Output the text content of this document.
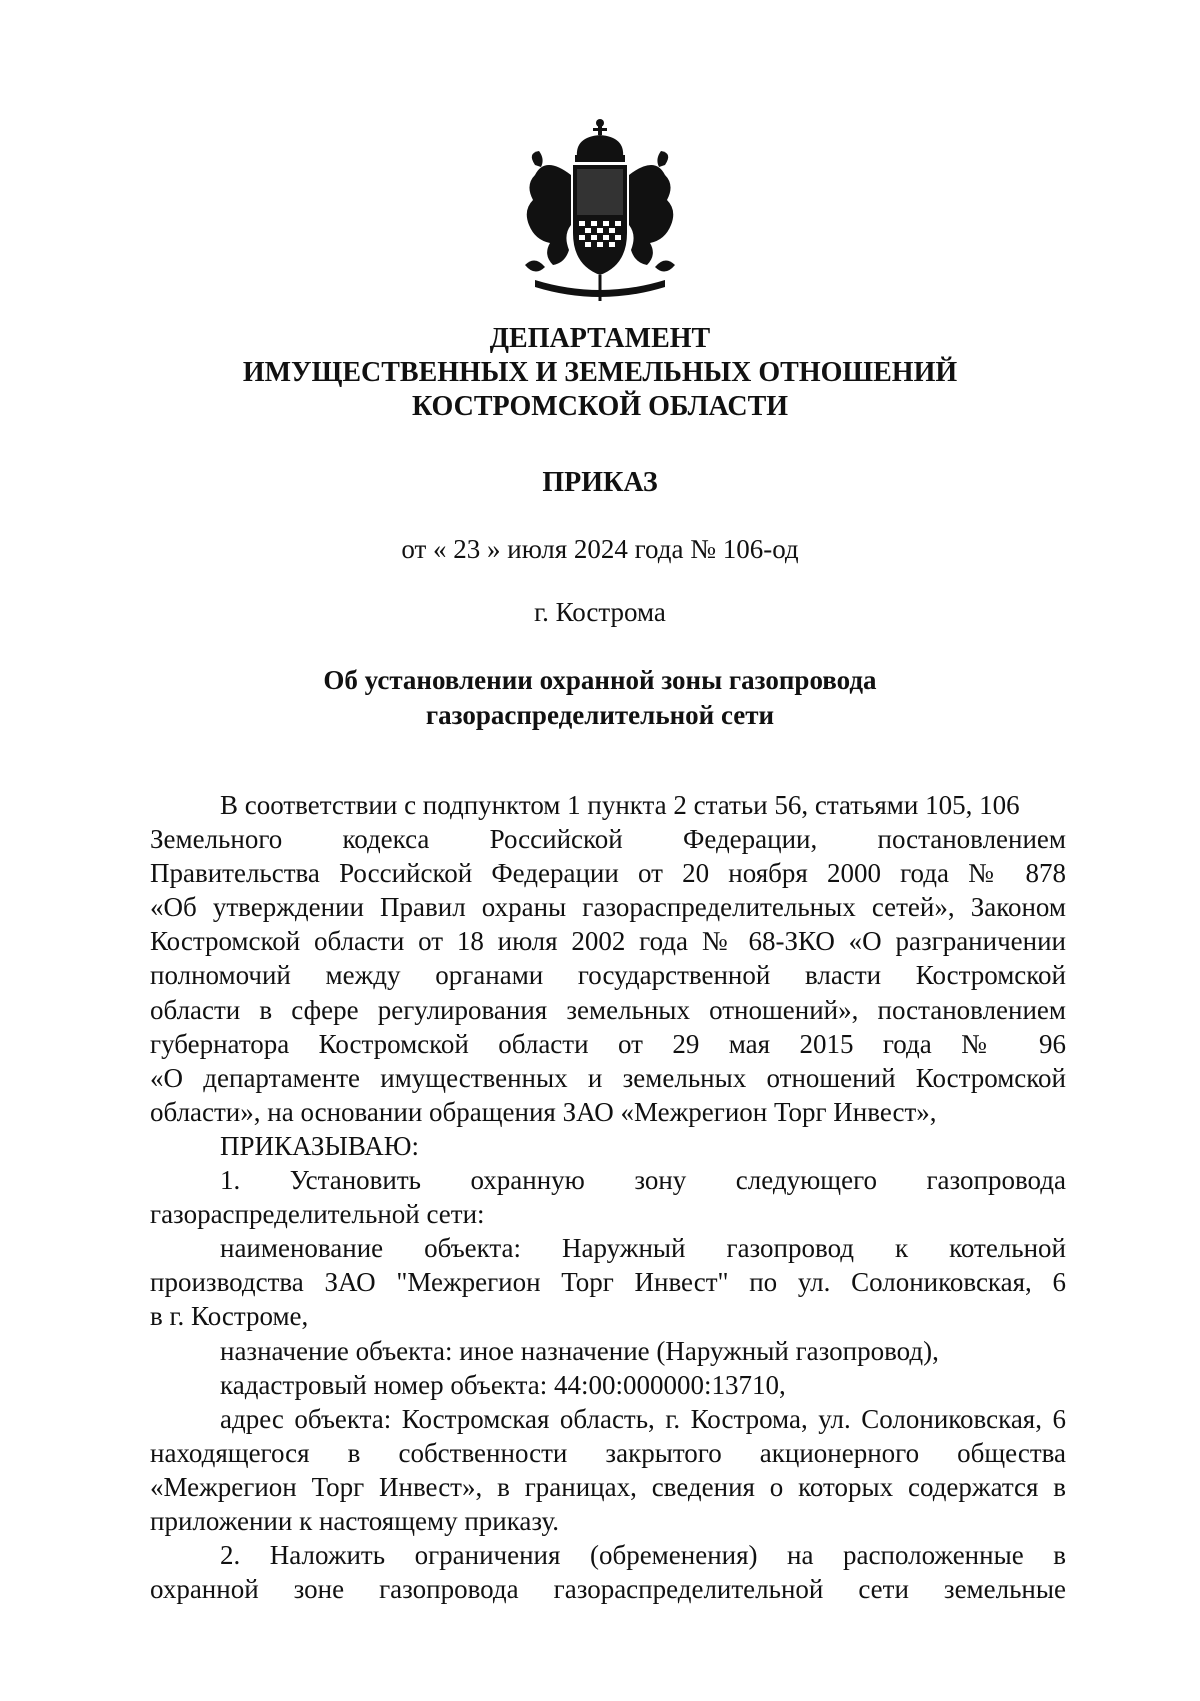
ДЕПАРТАМЕНТ
ИМУЩЕСТВЕННЫХ И ЗЕМЕЛЬНЫХ ОТНОШЕНИЙ
КОСТРОМСКОЙ ОБЛАСТИ
ПРИКАЗ
от « 23 » июля 2024 года № 106-од
г. Кострома
Об установлении охранной зоны газопровода
газораспределительной сети
В соответствии с подпунктом 1 пункта 2 статьи 56, статьями 105, 106
Земельного кодекса Российской Федерации, постановлением
Правительства Российской Федерации от 20 ноября 2000 года № 878
«Об утверждении Правил охраны газораспределительных сетей», Законом
Костромской области от 18 июля 2002 года № 68-ЗКО «О разграничении
полномочий между органами государственной власти Костромской
области в сфере регулирования земельных отношений», постановлением
губернатора Костромской области от 29 мая 2015 года № 96
«О департаменте имущественных и земельных отношений Костромской
области», на основании обращения ЗАО «Межрегион Торг Инвест»,
ПРИКАЗЫВАЮ:
1. Установить охранную зону следующего газопровода
газораспределительной сети:
наименование объекта: Наружный газопровод к котельной
производства ЗАО "Межрегион Торг Инвест" по ул. Солониковская, 6
в г. Костроме,
назначение объекта: иное назначение (Наружный газопровод),
кадастровый номер объекта: 44:00:000000:13710,
адрес объекта: Костромская область, г. Кострома, ул. Солониковская, 6
находящегося в собственности закрытого акционерного общества
«Межрегион Торг Инвест», в границах, сведения о которых содержатся в
приложении к настоящему приказу.
2. Наложить ограничения (обременения) на расположенные в
охранной зоне газопровода газораспределительной сети земельные
